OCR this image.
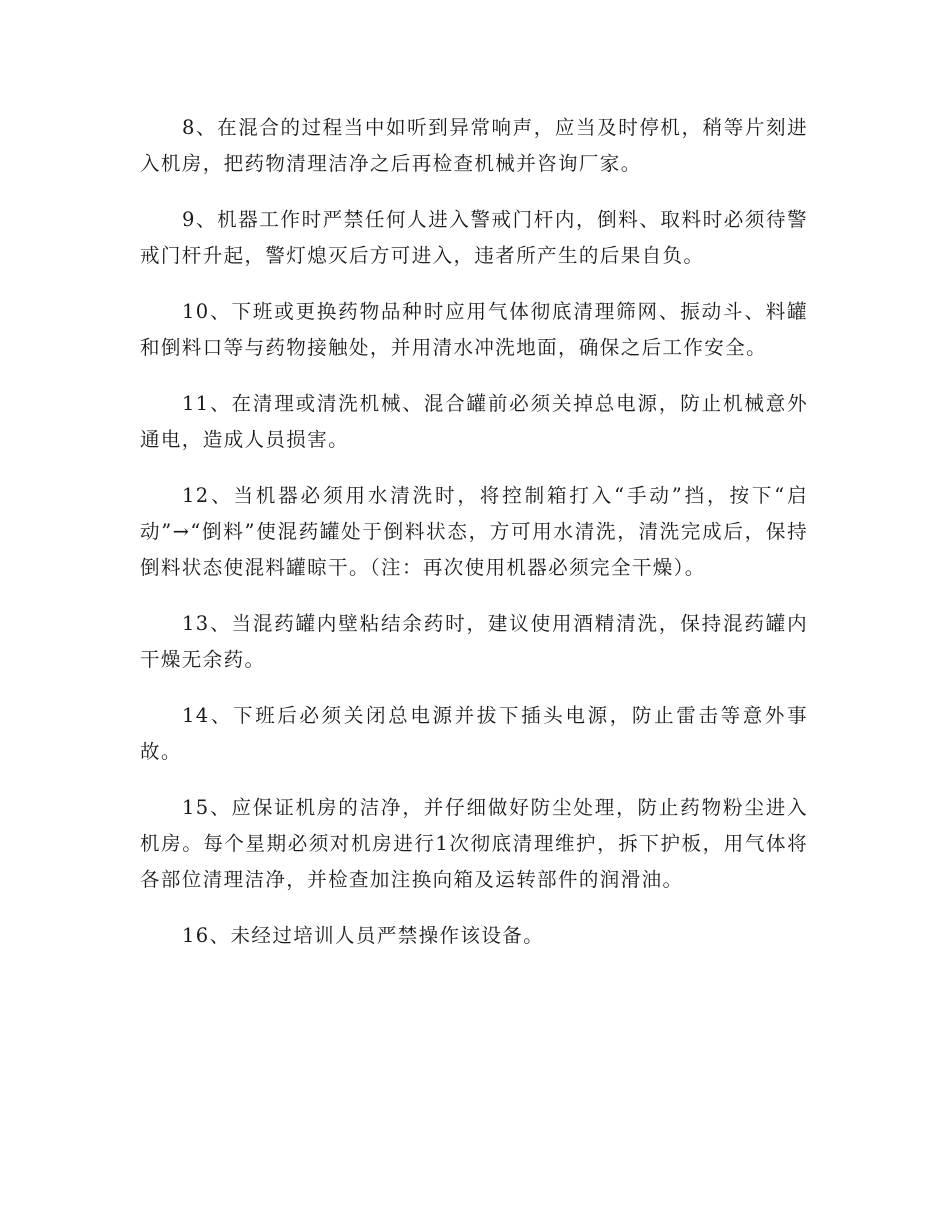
8、在混合的过程当中如听到异常响声，应当及时停机，稍等片刻进入机房，把药物清理洁净之后再检查机械并咨询厂家。

9、机器工作时严禁任何人进入警戒门杆内，倒料、取料时必须待警戒门杆升起，警灯熄灭后方可进入，违者所产生的后果自负。

10、下班或更换药物品种时应用气体彻底清理筛网、振动斗、料罐和倒料口等与药物接触处，并用清水冲洗地面，确保之后工作安全。

11、在清理或清洗机械、混合罐前必须关掉总电源，防止机械意外通电，造成人员损害。

12、当机器必须用水清洗时，将控制箱打入“手动”挡，按下“启动”→“倒料”使混药罐处于倒料状态，方可用水清洗，清洗完成后，保持倒料状态使混料罐晾干。（注：再次使用机器必须完全干燥）。

13、当混药罐内壁粘结余药时，建议使用酒精清洗，保持混药罐内干燥无余药。

14、下班后必须关闭总电源并拔下插头电源，防止雷击等意外事故。

15、应保证机房的洁净，并仔细做好防尘处理，防止药物粉尘进入机房。每个星期必须对机房进行1次彻底清理维护，拆下护板，用气体将各部位清理洁净，并检查加注换向箱及运转部件的润滑油。

16、未经过培训人员严禁操作该设备。
